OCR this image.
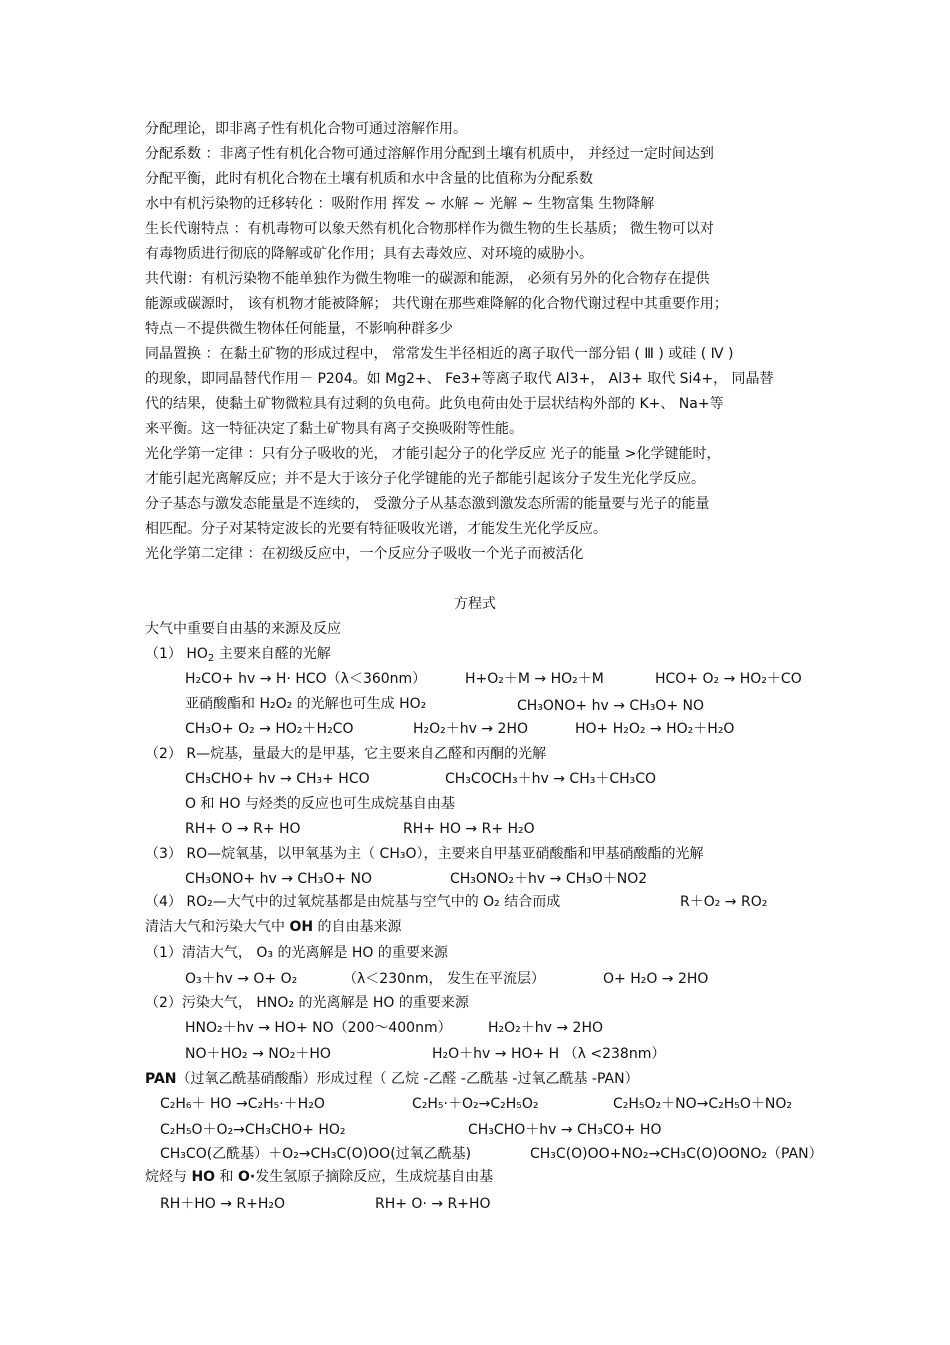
分配理论，即非离子性有机化合物可通过溶解作用。
分配系数 ：非离子性有机化合物可通过溶解作用分配到土壤有机质中， 并经过一定时间达到
分配平衡，此时有机化合物在土壤有机质和水中含量的比值称为分配系数
水中有机污染物的迁移转化 ：吸附作用 挥发 ~ 水解 ~ 光解 ~ 生物富集 生物降解
生长代谢特点 ：有机毒物可以象天然有机化合物那样作为微生物的生长基质； 微生物可以对
有毒物质进行彻底的降解或矿化作用；具有去毒效应、对环境的威胁小。
共代谢：有机污染物不能单独作为微生物唯一的碳源和能源， 必须有另外的化合物存在提供
能源或碳源时， 该有机物才能被降解； 共代谢在那些难降解的化合物代谢过程中其重要作用；
特点－不提供微生物体任何能量，不影响种群多少
同晶置换 ：在黏土矿物的形成过程中， 常常发生半径相近的离子取代一部分铝 ( Ⅲ ) 或硅 ( Ⅳ )
的现象，即同晶替代作用－ P204。如 Mg2+、 Fe3+等离子取代 Al3+， Al3+ 取代 Si4+， 同晶替
代的结果，使黏土矿物微粒具有过剩的负电荷。此负电荷由处于层状结构外部的 K+、 Na+等
来平衡。这一特征决定了黏土矿物具有离子交换吸附等性能。
光化学第一定律 ：只有分子吸收的光， 才能引起分子的化学反应 光子的能量 >化学键能时，
才能引起光离解反应；并不是大于该分子化学键能的光子都能引起该分子发生光化学反应。
分子基态与激发态能量是不连续的， 受激分子从基态激到激发态所需的能量要与光子的能量
相匹配。分子对某特定波长的光要有特征吸收光谱，才能发生光化学反应。
光化学第二定律 ：在初级反应中，一个反应分子吸收一个光子而被活化
方程式
大气中重要自由基的来源及反应
（1） $HO_2$ 主要来自醛的光解
H₂CO+ hv → H· HCO（λ＜360nm）	H+O₂＋M → HO₂＋M	HCO+ O₂ → HO₂＋CO
亚硝酸酯和 H₂O₂ 的光解也可生成 HO₂	CH₃ONO+ hv → CH₃O+ NO
CH₃O+ O₂ → HO₂＋H₂CO	H₂O₂＋hv → 2HO	HO+ H₂O₂ → HO₂＋H₂O
（2） R—烷基，量最大的是甲基，它主要来自乙醛和丙酮的光解
CH₃CHO+ hv → CH₃+ HCO	CH₃COCH₃＋hv → CH₃＋CH₃CO
O 和 HO 与烃类的反应也可生成烷基自由基
RH+ O → R+ HO	RH+ HO → R+ H₂O
（3） RO—烷氧基，以甲氧基为主（ CH₃O），主要来自甲基亚硝酸酯和甲基硝酸酯的光解
CH₃ONO+ hv → CH₃O+ NO	CH₃ONO₂＋hv → CH₃O＋NO2
（4） RO₂—大气中的过氧烷基都是由烷基与空气中的 O₂ 结合而成	R＋O₂ → RO₂
清洁大气和污染大气中 OH 的自由基来源
（1）清洁大气， O₃ 的光离解是 HO 的重要来源
O₃＋hv → O+ O₂	（λ＜230nm， 发生在平流层）	O+ H₂O → 2HO
（2）污染大气， HNO₂ 的光离解是 HO 的重要来源
HNO₂＋hv → HO+ NO（200～400nm）	H₂O₂＋hv → 2HO
NO＋HO₂ → NO₂＋HO	H₂O＋hv → HO+ H （λ <238nm）
PAN（过氧乙酰基硝酸酯）形成过程（ 乙烷 -乙醛 -乙酰基 -过氧乙酰基 -PAN）
C₂H₆＋ HO →C₂H₅·＋H₂O	C₂H₅·＋O₂→C₂H₅O₂	C₂H₅O₂＋NO→C₂H₅O＋NO₂
C₂H₅O＋O₂→CH₃CHO+ HO₂	CH₃CHO＋hv → CH₃CO+ HO
CH₃CO(乙酰基）＋O₂→CH₃C(O)OO(过氧乙酰基)	CH₃C(O)OO+NO₂→CH₃C(O)OONO₂（PAN）
烷烃与 HO 和 O·发生氢原子摘除反应，生成烷基自由基
RH＋HO → R+H₂O	RH+ O· → R+HO
